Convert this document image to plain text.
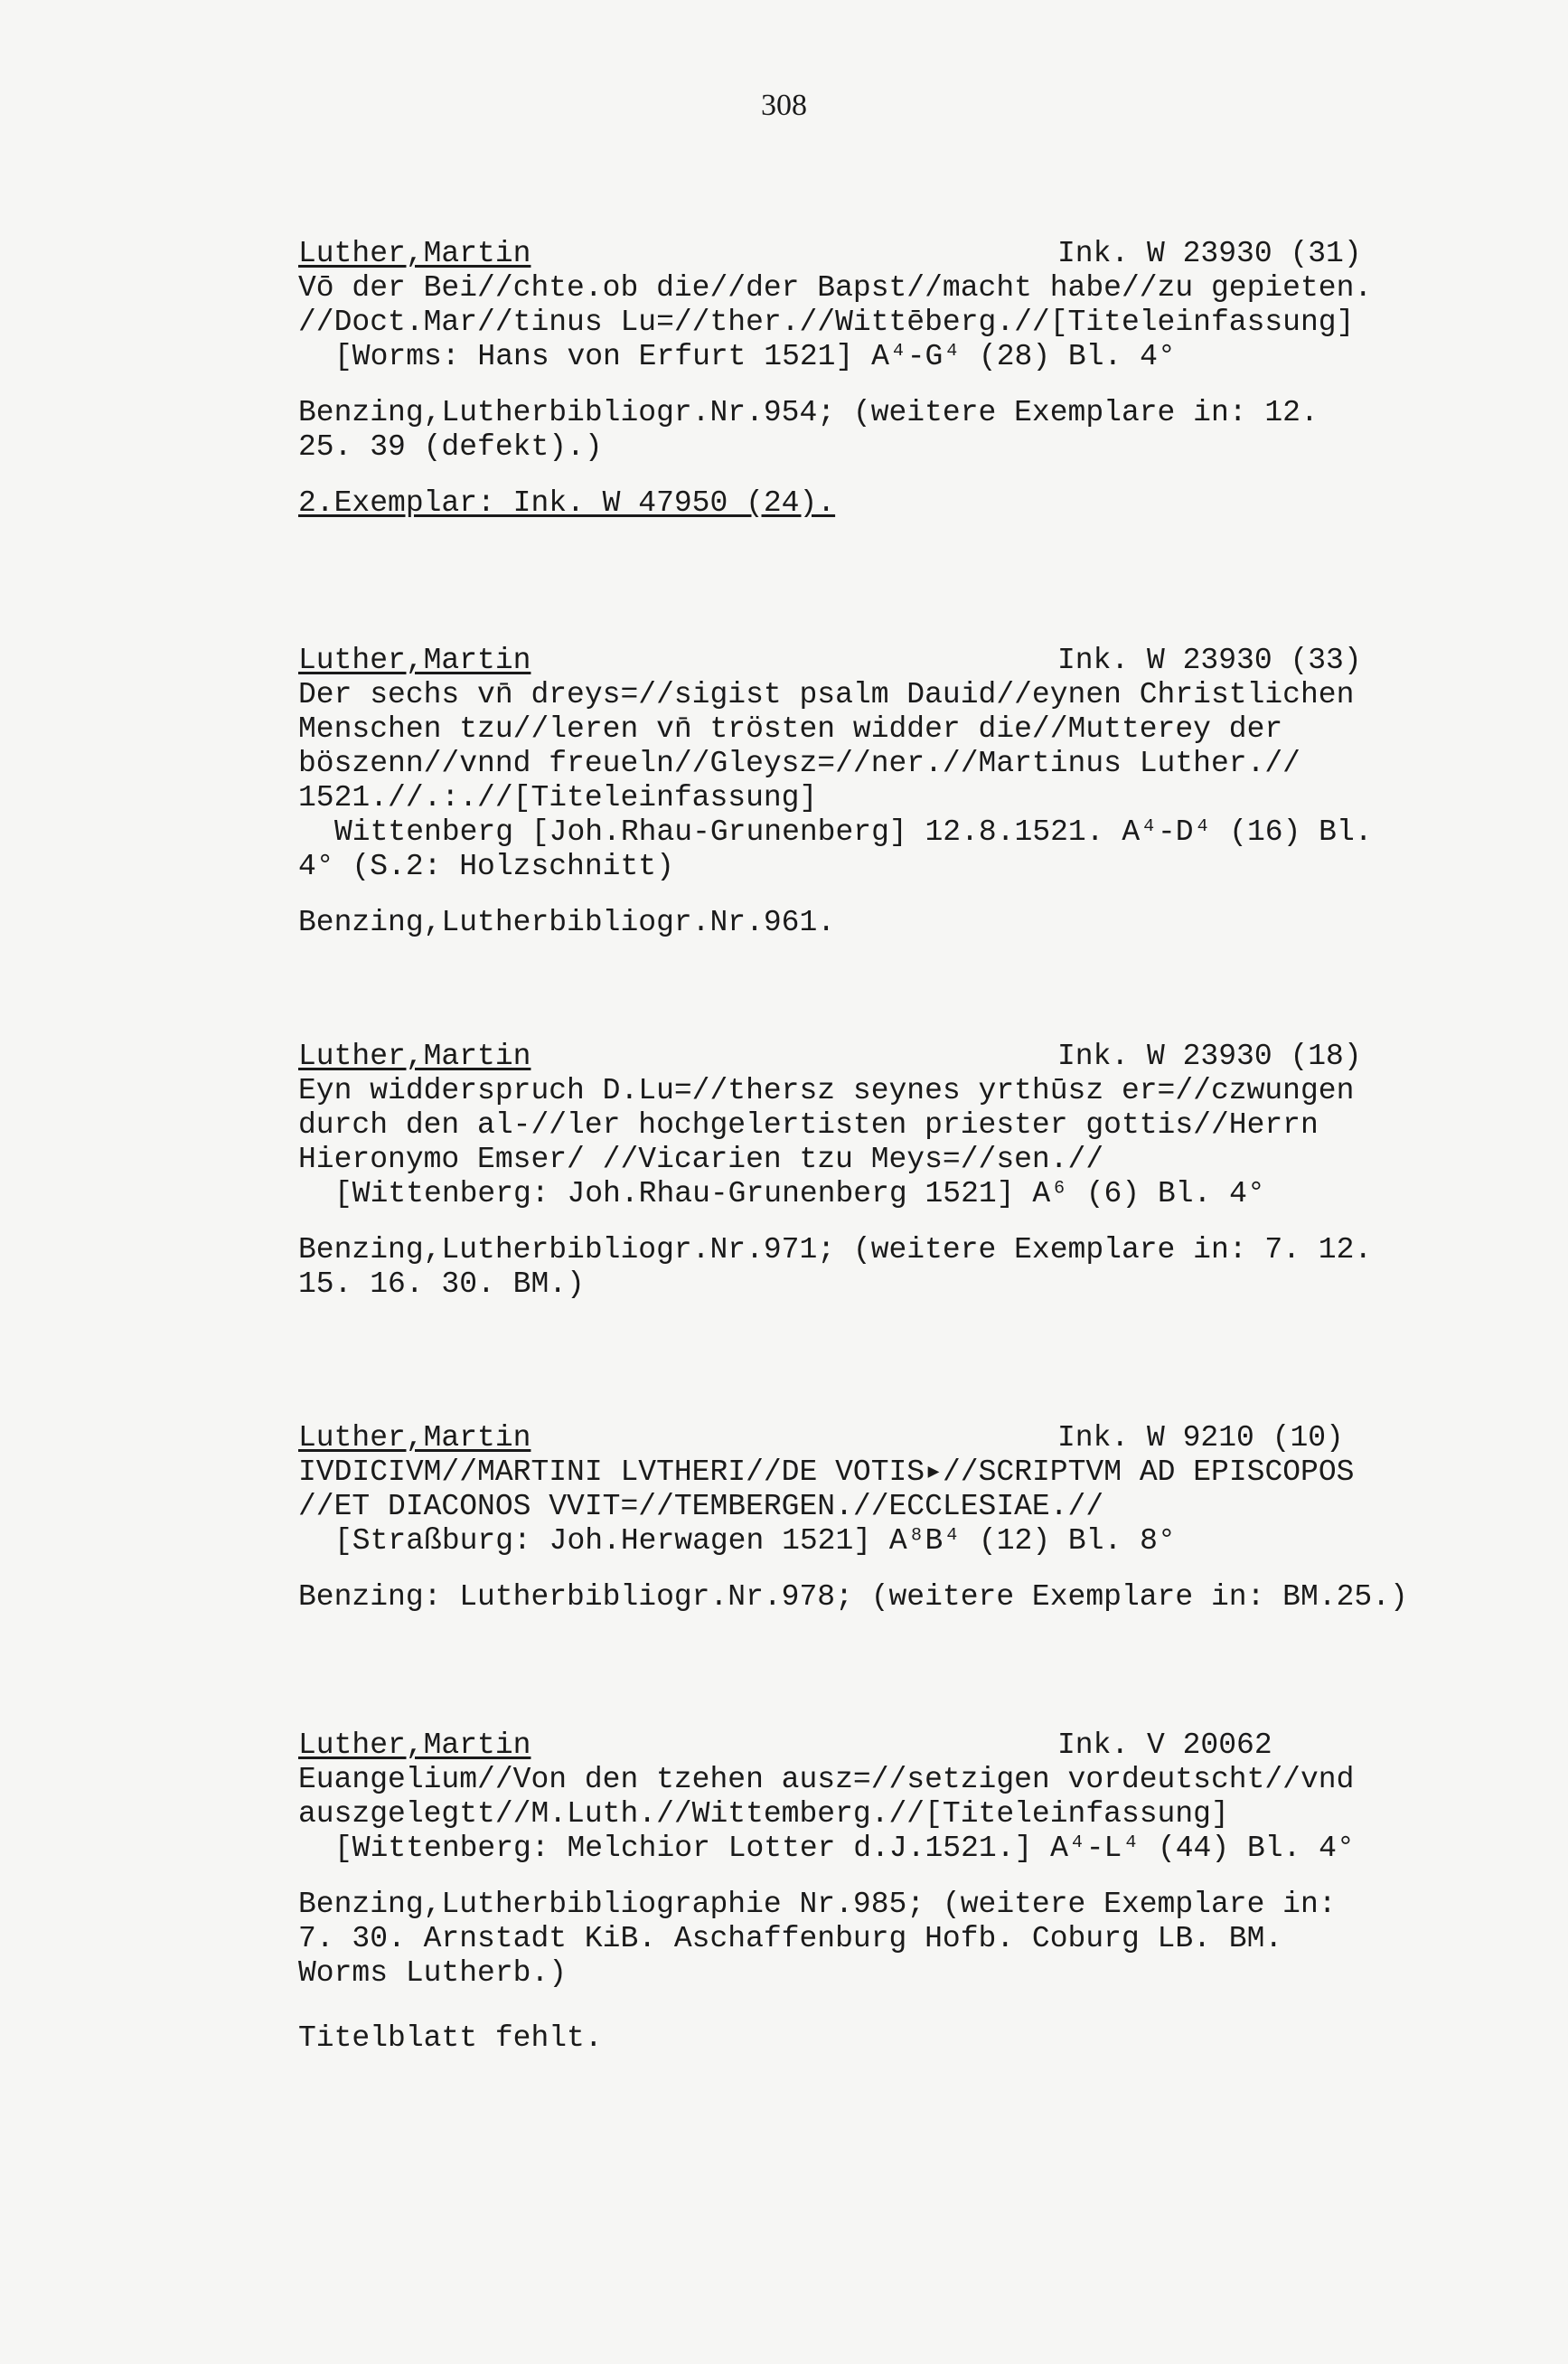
308
Luther,Martin	Ink. W 23930 (31)
Vō der Bei//chte.ob die//der Bapst//macht habe//zu gepieten.
//Doct.Mar//tinus Lu=//ther.//Wittēberg.//[Titeleinfassung]
[Worms: Hans von Erfurt 1521] A⁴-G⁴ (28) Bl. 4°
Benzing,Lutherbibliogr.Nr.954; (weitere Exemplare in: 12.
25. 39 (defekt).)
2.Exemplar: Ink. W 47950 (24).
Luther,Martin	Ink. W 23930 (33)
Der sechs vn̄ dreys=//sigist psalm Dauid//eynen Christlichen
Menschen tzu//leren vn̄ trösten widder die//Mutterey der
böszenn//vnnd freueln//Gleysz=//ner.//Martinus Luther.//
1521.//.:.//[Titeleinfassung]
Wittenberg [Joh.Rhau-Grunenberg] 12.8.1521. A⁴-D⁴ (16) Bl.
4° (S.2: Holzschnitt)
Benzing,Lutherbibliogr.Nr.961.
Luther,Martin	Ink. W 23930 (18)
Eyn widderspruch D.Lu=//thersz seynes yrthūsz er=//czwungen
durch den al-//ler hochgelertisten priester gottis//Herrn
Hieronymo Emser/ //Vicarien tzu Meys=//sen.//
[Wittenberg: Joh.Rhau-Grunenberg 1521] A⁶ (6) Bl. 4°
Benzing,Lutherbibliogr.Nr.971; (weitere Exemplare in: 7. 12.
15. 16. 30. BM.)
Luther,Martin	Ink. W 9210 (10)
IVDICIVM//MARTINI LVTHERI//DE VOTIS▸//SCRIPTVM AD EPISCOPOS
//ET DIACONOS VVIT=//TEMBERGEN.//ECCLESIAE.//
[Straßburg: Joh.Herwagen 1521] A⁸B⁴ (12) Bl. 8°
Benzing: Lutherbibliogr.Nr.978; (weitere Exemplare in: BM.25.)
Luther,Martin	Ink. V 20062
Euangelium//Von den tzehen ausz=//setzigen vordeutscht//vnd
auszgelegtt//M.Luth.//Wittemberg.//[Titeleinfassung]
[Wittenberg: Melchior Lotter d.J.1521.] A⁴-L⁴ (44) Bl. 4°
Benzing,Lutherbibliographie Nr.985; (weitere Exemplare in:
7. 30. Arnstadt KiB. Aschaffenburg Hofb. Coburg LB. BM.
Worms Lutherb.)
Titelblatt fehlt.
